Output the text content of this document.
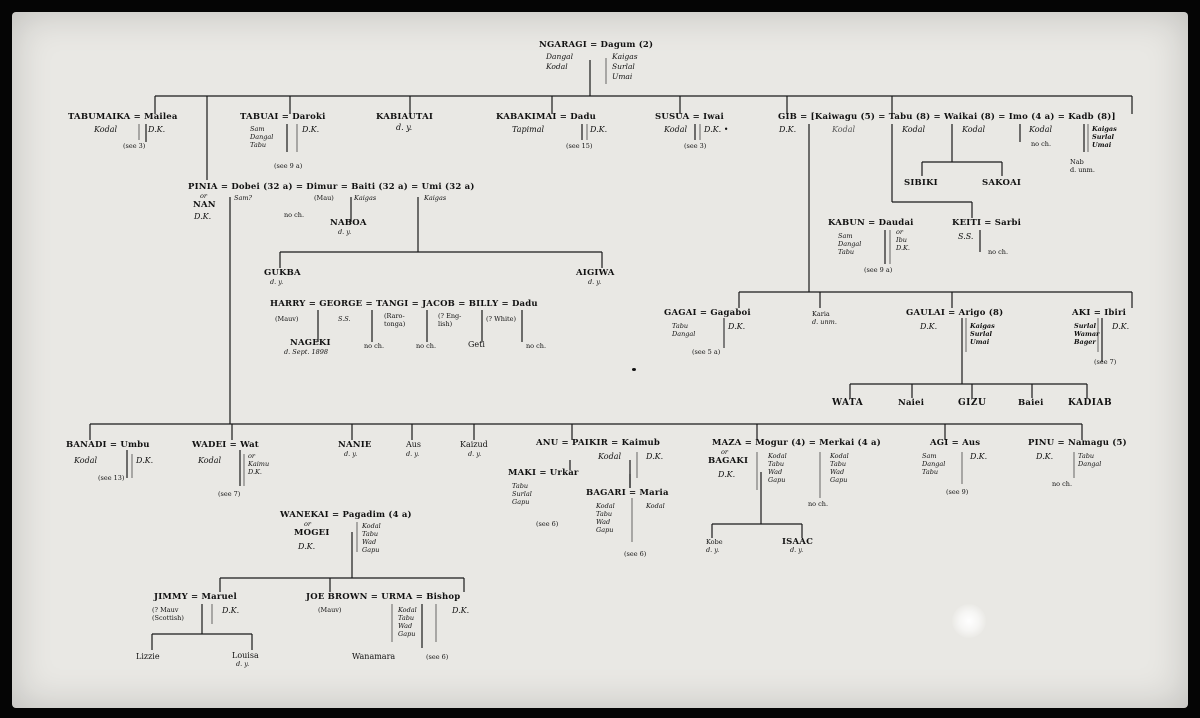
NGARAGI = Dagum (2)
Dangal
Kodal
Kaigas
Surlal
Umai
TABUMAIKA = Mailea
Kodal	D.K.
(see 3)
TABUAI = Daroki
Sam
Dangal
Tabu
D.K.
(see 9 a)
KABIAUTAI
d. y.
KABAKIMAI = Dadu
Tapimal	D.K.
(see 15)
SUSUA = Iwai
Kodal D.K. •
(see 3)
GIB = [Kaiwagu (5) = Tabu (8) = Waikai (8) = Imo (4 a) = Kadb (8)]
D.K.	Kodal	Kodal	Kodal	Kodal
no ch.
Kaigas
Surlal
Umai
Nab
d. unm.
SIBIKI	SAKOAI
KABUN = Daudai
Sam
Dangal
Tabu
or
Ibu
D.K.
(see 9 a)
KEITI = Sarbi
S.S.
no ch.
PINIA = Dobei (32 a) = Dimur = Baiti (32 a) = Umi (32 a)
or
NAN
D.K.
Sam?
no ch.
(Mau)	Kaigas	Kaigas
NABOA
d. y.
GUKBA
d. y.
AIGIWA
d. y.
HARRY = GEORGE = TANGI = JACOB = BILLY = Dadu
(Mauv)	S.S.	(Raro-
tonga)
(? Eng-
lish)
(? White)
NAGEKI
d. Sept. 1898
no ch.	no ch.	Geti	no ch.
GAGAI = Gagaboi
Tabu
Dangal
D.K.
(see 5 a)
Karia
d. unm.
GAULAI = Arigo (8)
D.K.	Kaigas
Surlal
Umai
AKI = Ibiri
Surlal
Wamar
Bager
D.K.
(see 7)
WATA	Naiei	GIZU	Baiei	KADIAB
BANADI = Umbu
Kodal	D.K.
(see 13)
WADEI = Wat
Kodal	or
Kaimu
D.K.
(see 7)
NANIE
d. y.
Aus
d. y.
Kaizud
d. y.
ANU = PAIKIR = Kaimub
Kodal	D.K.
MAKI = Urkar
Tabu
Surlal
Gapu
(see 6)
BAGARI = Maria
Kodal
Tabu
Wad
Gapu
Kodal
(see 6)
MAZA = Mogur (4) = Merkai (4 a)
or
BAGAKI
D.K.
Kodal
Tabu
Wad
Gapu
Kodal
Tabu
Wad
Gapu
no ch.
Kobe
d. y.
ISAAC
d. y.
AGI = Aus
Sam
Dangal
Tabu
D.K.
(see 9)
PINU = Namagu (5)
D.K.	Tabu
Dangal
no ch.
WANEKAI = Pagadim (4 a)
or
MOGEI
D.K.
Kodal
Tabu
Wad
Gapu
JIMMY = Maruel
(? Mauv
(Scottish)
D.K.
JOE BROWN = URMA = Bishop
(Mauv)	Kodal
Tabu
Wad
Gapu
D.K.
Lizzie	Louisa
d. y.
Wanamara	(see 6)
